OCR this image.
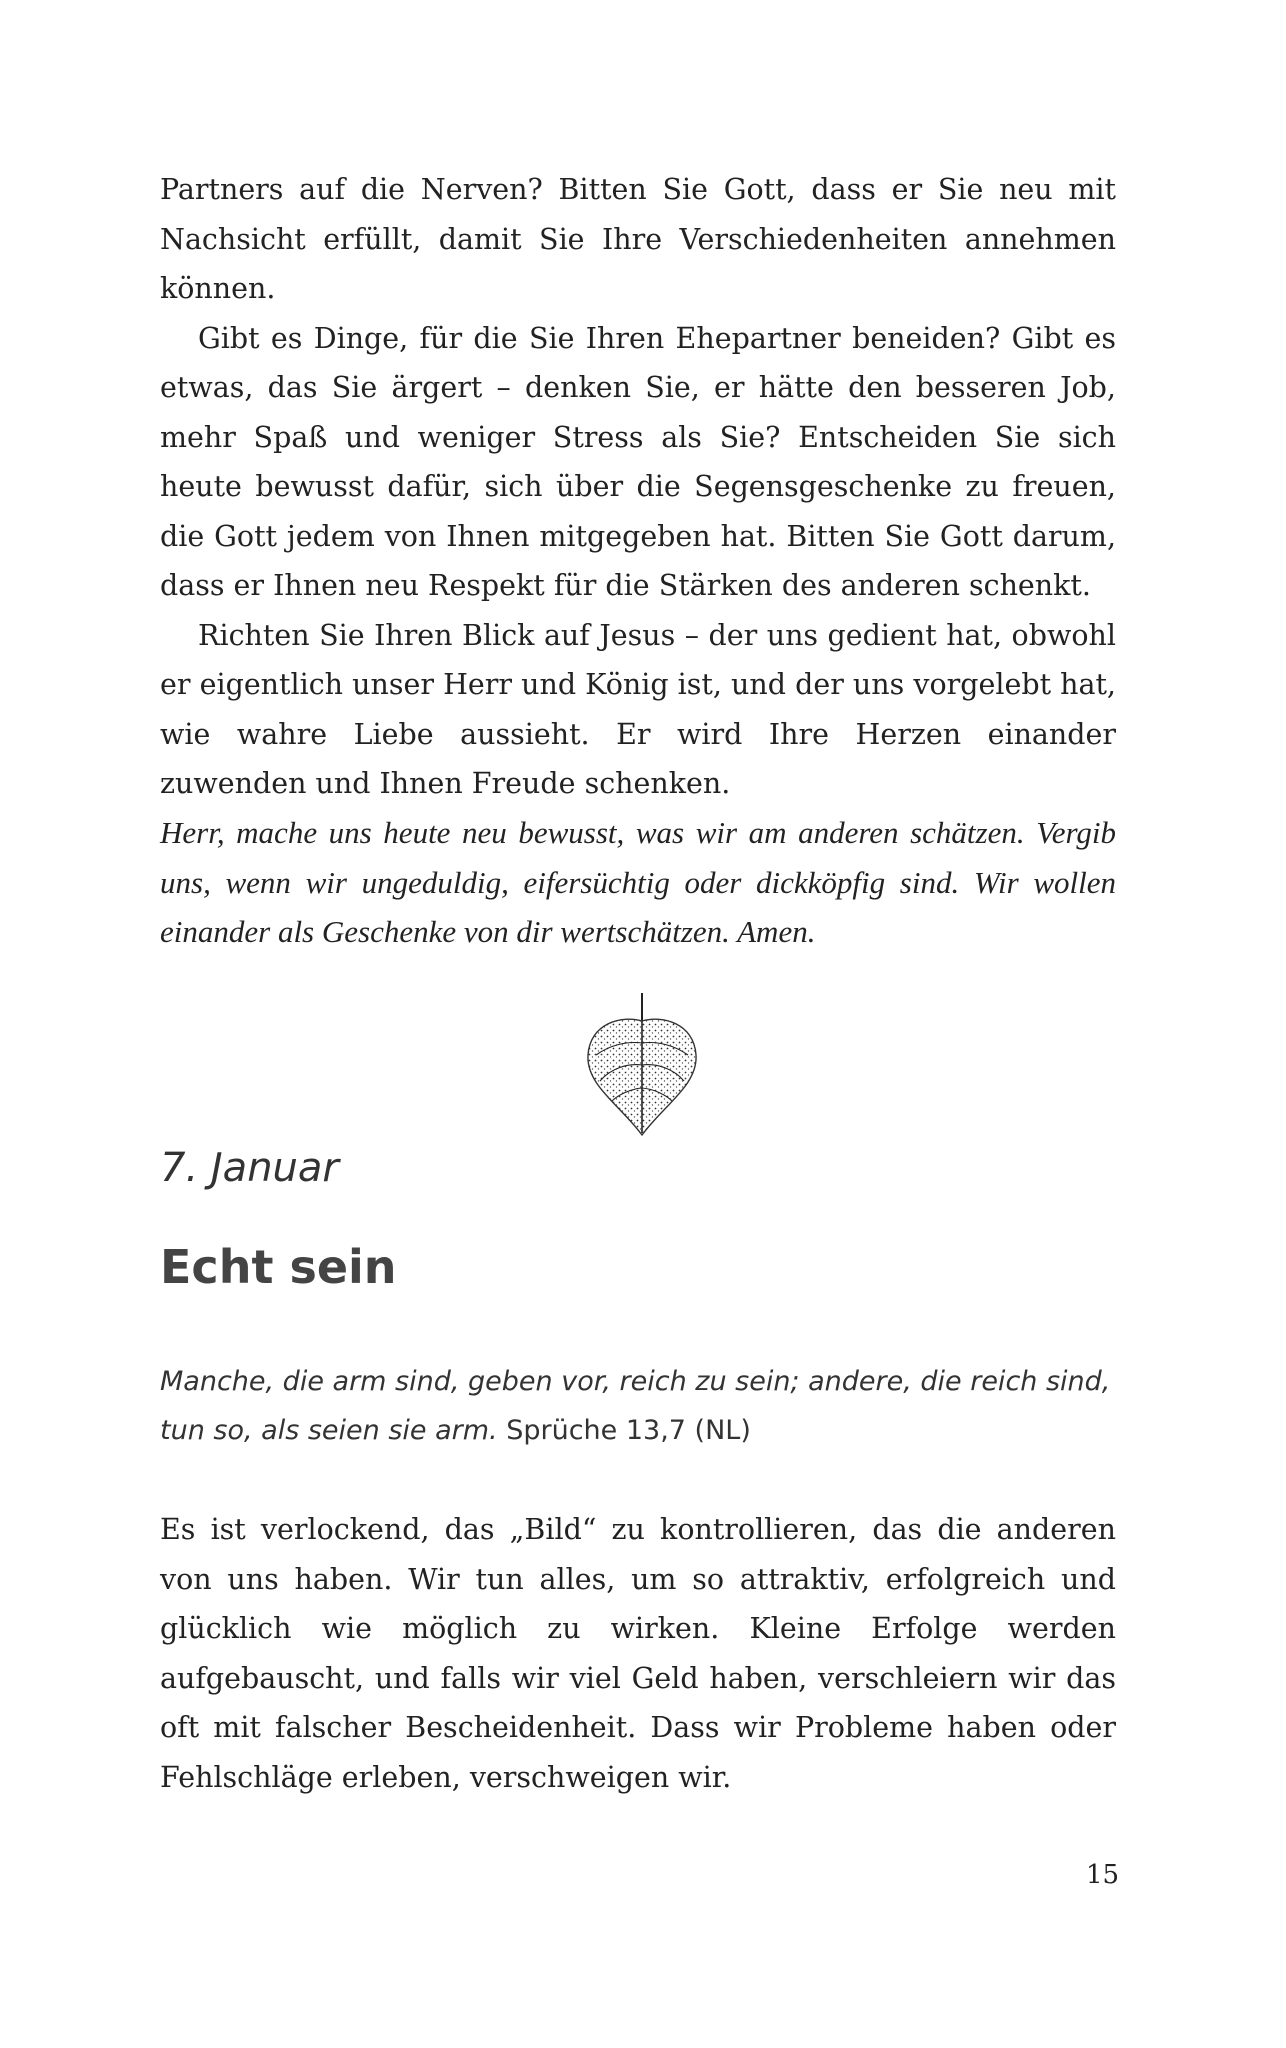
Partners auf die Nerven? Bitten Sie Gott, dass er Sie neu mit Nachsicht erfüllt, damit Sie Ihre Verschiedenheiten annehmen können.

Gibt es Dinge, für die Sie Ihren Ehepartner beneiden? Gibt es etwas, das Sie ärgert – denken Sie, er hätte den besseren Job, mehr Spaß und weniger Stress als Sie? Entscheiden Sie sich heute bewusst dafür, sich über die Segensgeschenke zu freuen, die Gott jedem von Ihnen mitgegeben hat. Bitten Sie Gott darum, dass er Ihnen neu Respekt für die Stärken des anderen schenkt.

Richten Sie Ihren Blick auf Jesus – der uns gedient hat, obwohl er eigentlich unser Herr und König ist, und der uns vorgelebt hat, wie wahre Liebe aussieht. Er wird Ihre Herzen einander zuwenden und Ihnen Freude schenken.

Herr, mache uns heute neu bewusst, was wir am anderen schätzen. Vergib uns, wenn wir ungeduldig, eifersüchtig oder dickköpfig sind. Wir wollen einander als Geschenke von dir wertschätzen. Amen.

7. Januar

Echt sein

Manche, die arm sind, geben vor, reich zu sein; andere, die reich sind, tun so, als seien sie arm. Sprüche 13,7 (NL)

Es ist verlockend, das „Bild“ zu kontrollieren, das die anderen von uns haben. Wir tun alles, um so attraktiv, erfolgreich und glücklich wie möglich zu wirken. Kleine Erfolge werden aufgebauscht, und falls wir viel Geld haben, verschleiern wir das oft mit falscher Bescheidenheit. Dass wir Probleme haben oder Fehlschläge erleben, verschweigen wir.

15
